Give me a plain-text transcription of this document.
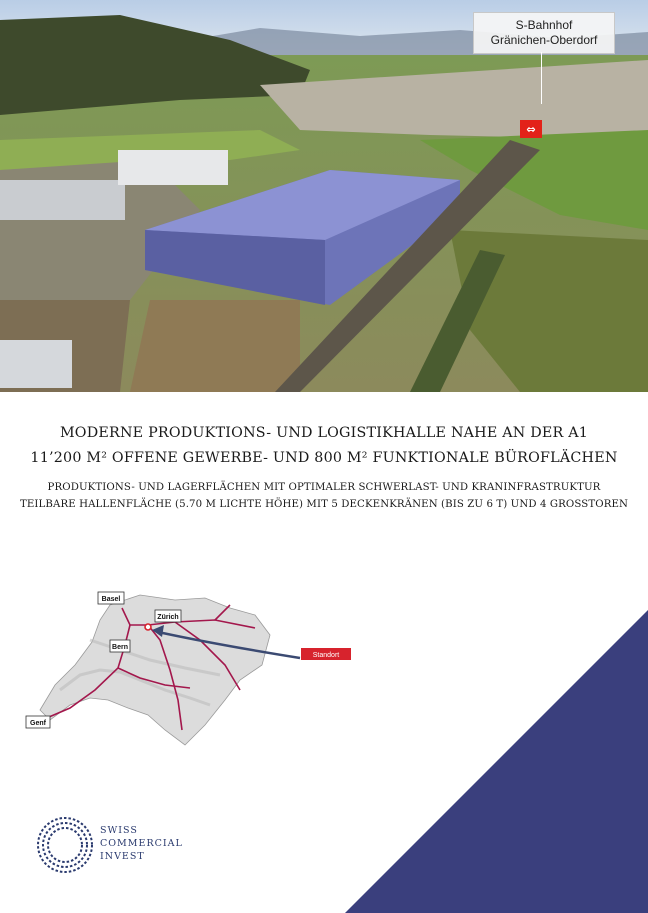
S-Bahnhof
Gränichen-Oberdorf
⇔
MODERNE PRODUKTIONS- UND LOGISTIKHALLE NAHE AN DER A1
11’200 M² OFFENE GEWERBE- UND 800 M² FUNKTIONALE BÜROFLÄCHEN
PRODUKTIONS- UND LAGERFLÄCHEN MIT OPTIMALER SCHWERLAST- UND KRANINFRASTRUKTUR
TEILBARE HALLENFLÄCHE (5.70 M LICHTE HÖHE) MIT 5 DECKENKRÄNEN (BIS ZU 6 T) UND 4 GROSSTOREN
Basel
Zürich
Bern
Genf
Standort
SWISS
COMMERCIAL
INVEST
